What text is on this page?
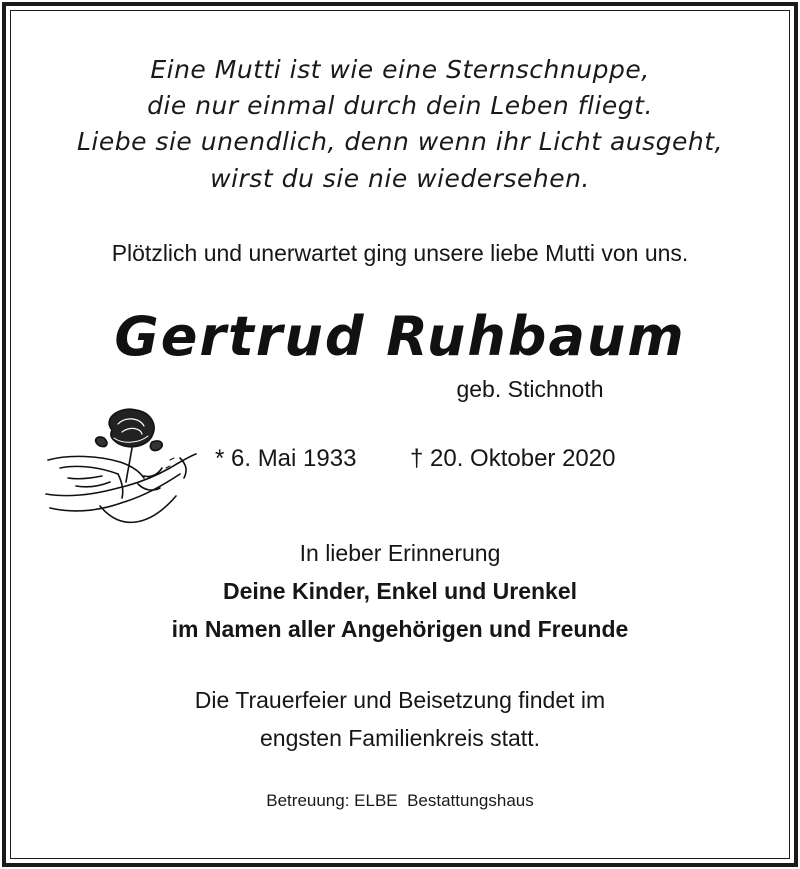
Eine Mutti ist wie eine Sternschnuppe,
die nur einmal durch dein Leben fliegt.
Liebe sie unendlich, denn wenn ihr Licht ausgeht,
wirst du sie nie wiedersehen.
Plötzlich und unerwartet ging unsere liebe Mutti von uns.
Gertrud Ruhbaum
geb. Stichnoth
* 6. Mai 1933 † 20. Oktober 2020
In lieber Erinnerung
Deine Kinder, Enkel und Urenkel
im Namen aller Angehörigen und Freunde
Die Trauerfeier und Beisetzung findet im
engsten Familienkreis statt.
Betreuung: ELBE  Bestattungshaus
